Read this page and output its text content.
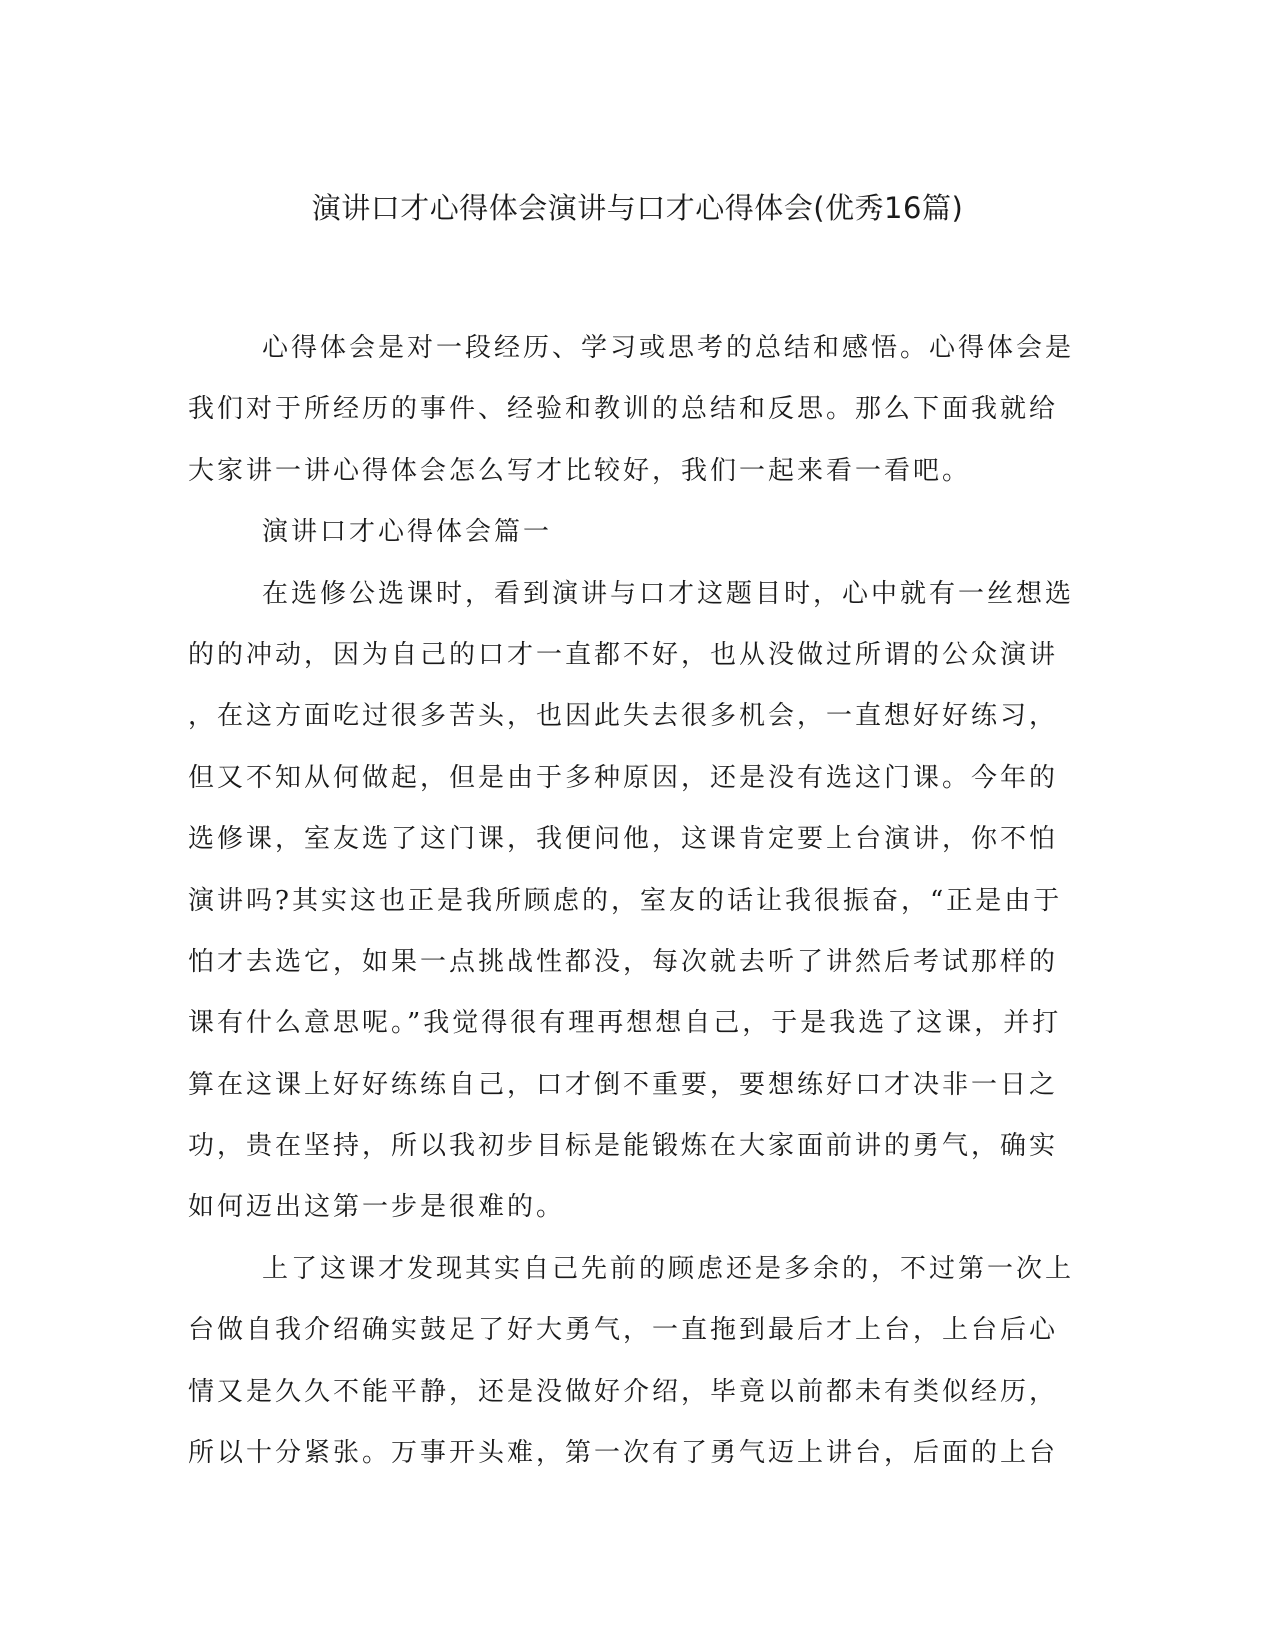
演讲口才心得体会演讲与口才心得体会(优秀16篇)
心得体会是对一段经历、学习或思考的总结和感悟。心得体会是
我们对于所经历的事件、经验和教训的总结和反思。那么下面我就给
大家讲一讲心得体会怎么写才比较好，我们一起来看一看吧。
演讲口才心得体会篇一
在选修公选课时，看到演讲与口才这题目时，心中就有一丝想选
的的冲动，因为自己的口才一直都不好，也从没做过所谓的公众演讲
，在这方面吃过很多苦头，也因此失去很多机会，一直想好好练习，
但又不知从何做起，但是由于多种原因，还是没有选这门课。今年的
选修课，室友选了这门课，我便问他，这课肯定要上台演讲，你不怕
演讲吗?其实这也正是我所顾虑的，室友的话让我很振奋，“正是由于
怕才去选它，如果一点挑战性都没，每次就去听了讲然后考试那样的
课有什么意思呢。”我觉得很有理再想想自己，于是我选了这课，并打
算在这课上好好练练自己，口才倒不重要，要想练好口才决非一日之
功，贵在坚持，所以我初步目标是能锻炼在大家面前讲的勇气，确实
如何迈出这第一步是很难的。
上了这课才发现其实自己先前的顾虑还是多余的，不过第一次上
台做自我介绍确实鼓足了好大勇气，一直拖到最后才上台，上台后心
情又是久久不能平静，还是没做好介绍，毕竟以前都未有类似经历，
所以十分紧张。万事开头难，第一次有了勇气迈上讲台，后面的上台
